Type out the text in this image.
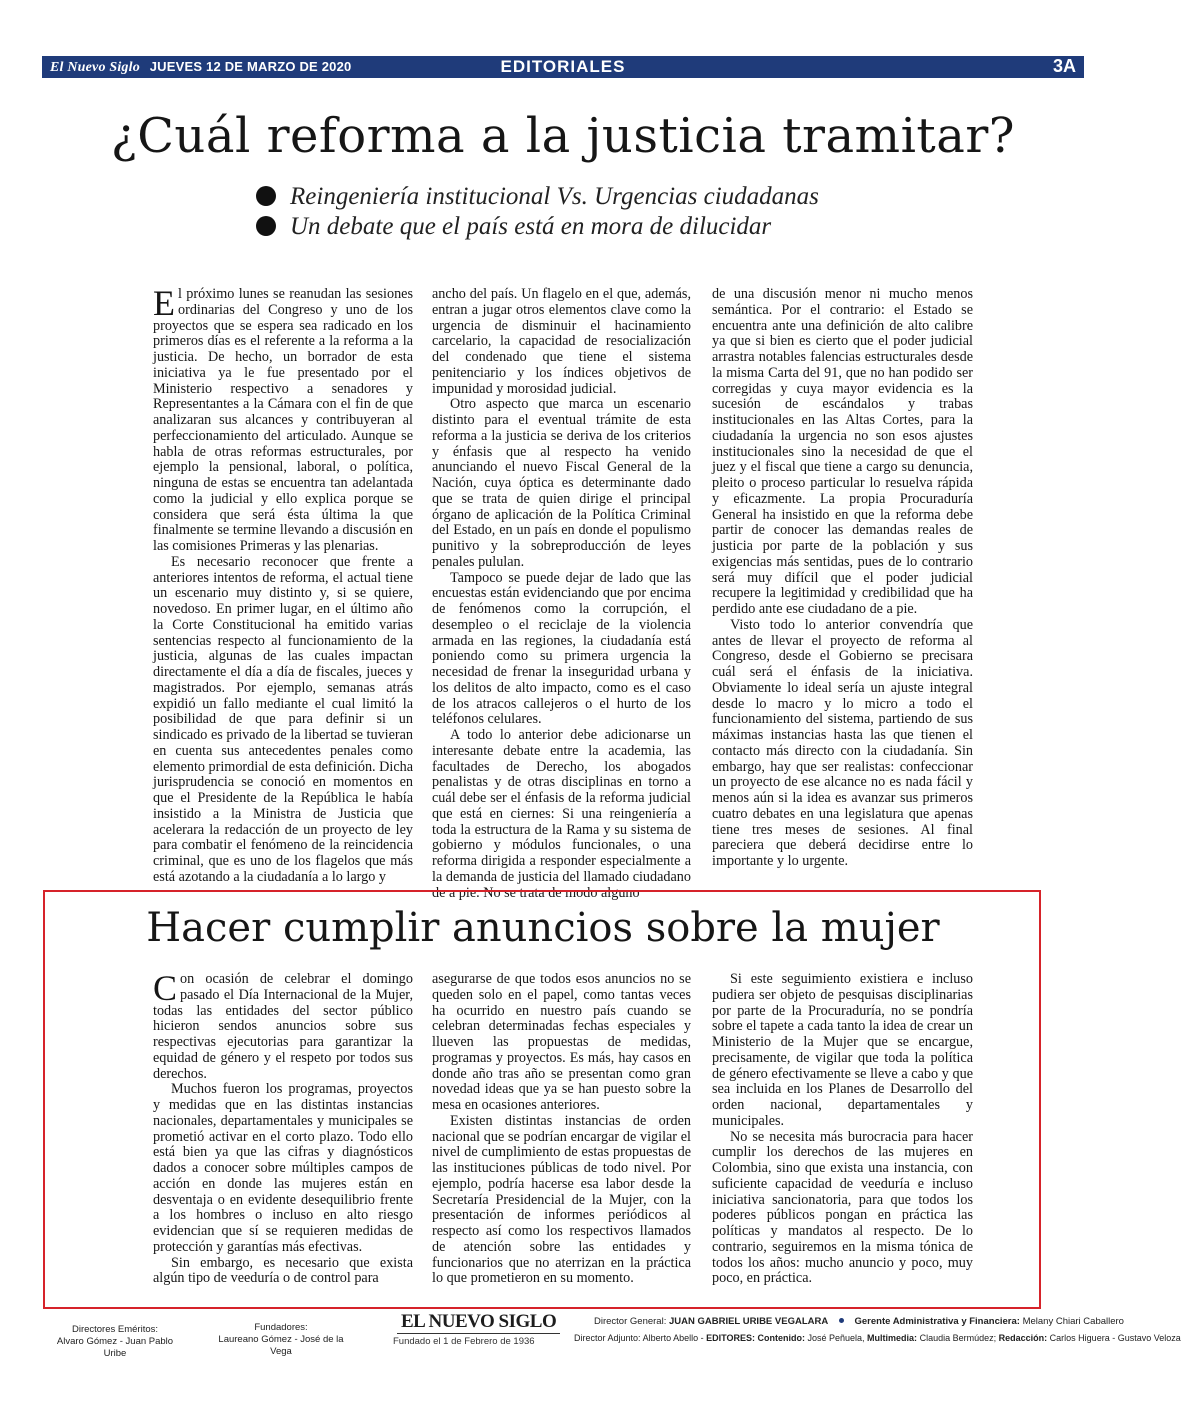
El Nuevo Siglo JUEVES 12 DE MARZO DE 2020	EDITORIALES	3A
¿Cuál reforma a la justicia tramitar?
Reingeniería institucional Vs. Urgencias ciudadanas
Un debate que el país está en mora de dilucidar

El próximo lunes se reanudan las sesiones ordinarias del Congreso y uno de los proyectos que se espera sea radicado en los primeros días es el referente a la reforma a la justicia. De hecho, un borrador de esta iniciativa ya le fue presentado por el Ministerio respectivo a senadores y Representantes a la Cámara con el fin de que analizaran sus alcances y contribuyeran al perfeccionamiento del articulado. Aunque se habla de otras reformas estructurales, por ejemplo la pensional, laboral, o política, ninguna de estas se encuentra tan adelantada como la judicial y ello explica porque se considera que será ésta última la que finalmente se termine llevando a discusión en las comisiones Primeras y las plenarias.

Es necesario reconocer que frente a anteriores intentos de reforma, el actual tiene un escenario muy distinto y, si se quiere, novedoso. En primer lugar, en el último año la Corte Constitucional ha emitido varias sentencias respecto al funcionamiento de la justicia, algunas de las cuales impactan directamente el día a día de fiscales, jueces y magistrados. Por ejemplo, semanas atrás expidió un fallo mediante el cual limitó la posibilidad de que para definir si un sindicado es privado de la libertad se tuvieran en cuenta sus antecedentes penales como elemento primordial de esta definición. Dicha jurisprudencia se conoció en momentos en que el Presidente de la República le había insistido a la Ministra de Justicia que acelerara la redacción de un proyecto de ley para combatir el fenómeno de la reincidencia criminal, que es uno de los flagelos que más está azotando a la ciudadanía a lo largo y

ancho del país. Un flagelo en el que, además, entran a jugar otros elementos clave como la urgencia de disminuir el hacinamiento carcelario, la capacidad de resocialización del condenado que tiene el sistema penitenciario y los índices objetivos de impunidad y morosidad judicial.

Otro aspecto que marca un escenario distinto para el eventual trámite de esta reforma a la justicia se deriva de los criterios y énfasis que al respecto ha venido anunciando el nuevo Fiscal General de la Nación, cuya óptica es determinante dado que se trata de quien dirige el principal órgano de aplicación de la Política Criminal del Estado, en un país en donde el populismo punitivo y la sobreproducción de leyes penales pululan.

Tampoco se puede dejar de lado que las encuestas están evidenciando que por encima de fenómenos como la corrupción, el desempleo o el reciclaje de la violencia armada en las regiones, la ciudadanía está poniendo como su primera urgencia la necesidad de frenar la inseguridad urbana y los delitos de alto impacto, como es el caso de los atracos callejeros o el hurto de los teléfonos celulares.

A todo lo anterior debe adicionarse un interesante debate entre la academia, las facultades de Derecho, los abogados penalistas y de otras disciplinas en torno a cuál debe ser el énfasis de la reforma judicial que está en ciernes: Si una reingeniería a toda la estructura de la Rama y su sistema de gobierno y módulos funcionales, o una reforma dirigida a responder especialmente a la demanda de justicia del llamado ciudadano de a pie. No se trata de modo alguno

de una discusión menor ni mucho menos semántica. Por el contrario: el Estado se encuentra ante una definición de alto calibre ya que si bien es cierto que el poder judicial arrastra notables falencias estructurales desde la misma Carta del 91, que no han podido ser corregidas y cuya mayor evidencia es la sucesión de escándalos y trabas institucionales en las Altas Cortes, para la ciudadanía la urgencia no son esos ajustes institucionales sino la necesidad de que el juez y el fiscal que tiene a cargo su denuncia, pleito o proceso particular lo resuelva rápida y eficazmente. La propia Procuraduría General ha insistido en que la reforma debe partir de conocer las demandas reales de justicia por parte de la población y sus exigencias más sentidas, pues de lo contrario será muy difícil que el poder judicial recupere la legitimidad y credibilidad que ha perdido ante ese ciudadano de a pie.

Visto todo lo anterior convendría que antes de llevar el proyecto de reforma al Congreso, desde el Gobierno se precisara cuál será el énfasis de la iniciativa. Obviamente lo ideal sería un ajuste integral desde lo macro y lo micro a todo el funcionamiento del sistema, partiendo de sus máximas instancias hasta las que tienen el contacto más directo con la ciudadanía. Sin embargo, hay que ser realistas: confeccionar un proyecto de ese alcance no es nada fácil y menos aún si la idea es avanzar sus primeros cuatro debates en una legislatura que apenas tiene tres meses de sesiones. Al final pareciera que deberá decidirse entre lo importante y lo urgente.

Hacer cumplir anuncios sobre la mujer

Con ocasión de celebrar el domingo pasado el Día Internacional de la Mujer, todas las entidades del sector público hicieron sendos anuncios sobre sus respectivas ejecutorias para garantizar la equidad de género y el respeto por todos sus derechos.

Muchos fueron los programas, proyectos y medidas que en las distintas instancias nacionales, departamentales y municipales se prometió activar en el corto plazo. Todo ello está bien ya que las cifras y diagnósticos dados a conocer sobre múltiples campos de acción en donde las mujeres están en desventaja o en evidente desequilibrio frente a los hombres o incluso en alto riesgo evidencian que sí se requieren medidas de protección y garantías más efectivas.

Sin embargo, es necesario que exista algún tipo de veeduría o de control para

asegurarse de que todos esos anuncios no se queden solo en el papel, como tantas veces ha ocurrido en nuestro país cuando se celebran determinadas fechas especiales y llueven las propuestas de medidas, programas y proyectos. Es más, hay casos en donde año tras año se presentan como gran novedad ideas que ya se han puesto sobre la mesa en ocasiones anteriores.

Existen distintas instancias de orden nacional que se podrían encargar de vigilar el nivel de cumplimiento de estas propuestas de las instituciones públicas de todo nivel. Por ejemplo, podría hacerse esa labor desde la Secretaría Presidencial de la Mujer, con la presentación de informes periódicos al respecto así como los respectivos llamados de atención sobre las entidades y funcionarios que no aterrizan en la práctica lo que prometieron en su momento.

Si este seguimiento existiera e incluso pudiera ser objeto de pesquisas disciplinarias por parte de la Procuraduría, no se pondría sobre el tapete a cada tanto la idea de crear un Ministerio de la Mujer que se encargue, precisamente, de vigilar que toda la política de género efectivamente se lleve a cabo y que sea incluida en los Planes de Desarrollo del orden nacional, departamentales y municipales.

No se necesita más burocracia para hacer cumplir los derechos de las mujeres en Colombia, sino que exista una instancia, con suficiente capacidad de veeduría e incluso iniciativa sancionatoria, para que todos los poderes públicos pongan en práctica las políticas y mandatos al respecto. De lo contrario, seguiremos en la misma tónica de todos los años: mucho anuncio y poco, muy poco, en práctica.

Directores Eméritos:
Alvaro Gómez - Juan Pablo Uribe
Fundadores:
Laureano Gómez - José de la Vega
EL NUEVO SIGLO
Fundado el 1 de Febrero de 1936
Director General: JUAN GABRIEL URIBE VEGALARA	Gerente Administrativa y Financiera: Melany Chiari Caballero
Director Adjunto: Alberto Abello - EDITORES: Contenido: José Peñuela, Multimedia: Claudia Bermúdez; Redacción: Carlos Higuera - Gustavo Veloza
